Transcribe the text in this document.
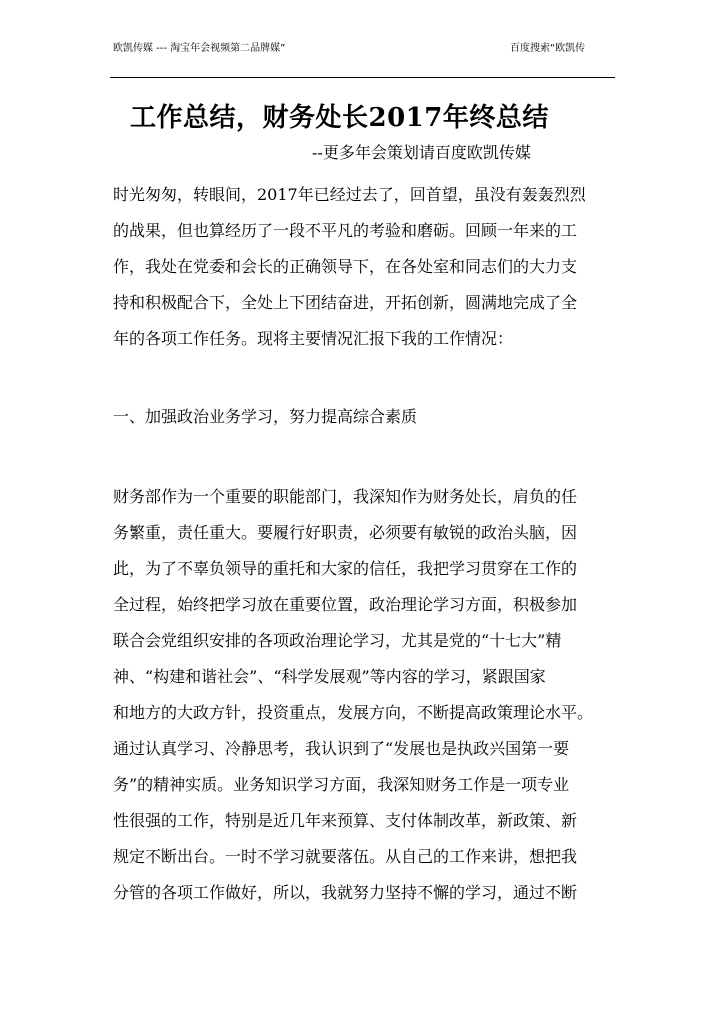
欧凯传媒 --- 淘宝年会视频第二品牌媒”	百度搜索“欧凯传
工作总结，财务处长2017年终总结
--更多年会策划请百度欧凯传媒
时光匆匆，转眼间，2017年已经过去了，回首望，虽没有轰轰烈烈
的战果，但也算经历了一段不平凡的考验和磨砺。回顾一年来的工
作，我处在党委和会长的正确领导下，在各处室和同志们的大力支
持和积极配合下，全处上下团结奋进，开拓创新，圆满地完成了全
年的各项工作任务。现将主要情况汇报下我的工作情况：
一、加强政治业务学习，努力提高综合素质
财务部作为一个重要的职能部门，我深知作为财务处长，肩负的任
务繁重，责任重大。要履行好职责，必须要有敏锐的政治头脑，因
此，为了不辜负领导的重托和大家的信任，我把学习贯穿在工作的
全过程，始终把学习放在重要位置，政治理论学习方面，积极参加
联合会党组织安排的各项政治理论学习，尤其是党的“十七大”精
神、“构建和谐社会”、“科学发展观”等内容的学习，紧跟国家
和地方的大政方针，投资重点，发展方向，不断提高政策理论水平。
通过认真学习、冷静思考，我认识到了“发展也是执政兴国第一要
务”的精神实质。业务知识学习方面，我深知财务工作是一项专业
性很强的工作，特别是近几年来预算、支付体制改革，新政策、新
规定不断出台。一时不学习就要落伍。从自己的工作来讲，想把我
分管的各项工作做好，所以，我就努力坚持不懈的学习，通过不断
